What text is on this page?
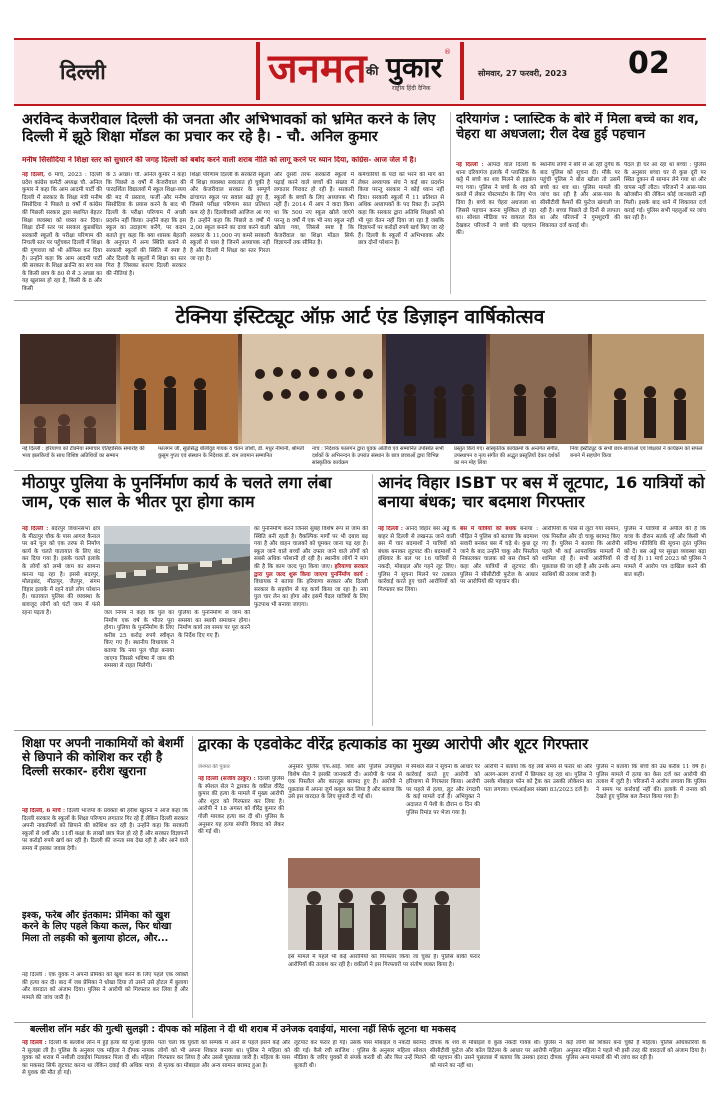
दिल्ली	जनमत की पुकार
राष्ट्रीय हिंदी दैनिक
®
सोमवार, 27 फरवरी, 2023 02
अरविन्द केजरीवाल दिल्ली की जनता और अभिभावकों को भ्रमित करने के लिए दिल्ली में झूठे शिक्षा मॉडल का प्रचार कर रहे है। - चौ. अनिल कुमार
मनीष सिसोदिया ने शिक्षा स्तर को सुधारने की जगह दिल्ली को बर्बाद करने वाली शराब नीति को लागू करने पर ध्यान दिया, कांग्रेस- आज जेल में है।
नई दिल्ली, 6 मार्च, 2023 : दिल्ली प्रदेश कांग्रेस कमेटी अध्यक्ष चौ. अनिल कुमार ने कहा कि आम आदमी पार्टी की दिल्ली में सरकार के शिक्षा मंत्री मनीष सिसोदिया ने पिछले 8 वर्षों में कांग्रेस की पिछली सरकार द्वारा स्थापित बेहतर शिक्षा व्यवस्था को ध्वस्त कर दिया। शिक्षा दोनों स्तर पर सरकार कुप्रबंधित सरकारी स्कूलों के परीक्षा परिणाम की निचली स्तर पर पहुँचकर दिल्ली में शिक्षा की गुणवत्ता को भी ऑफिस कर दिया है। उन्होंने कहा कि आम आदमी पार्टी की सरकार के शिक्षा क्रान्ति का सच सब के किसी छात्र के 80 से से 3 अच्छा का यह खुलासा हो रहा है, किसी के 8 और किसी
के 3 अच्छा। चौ. अनिल कुमार ने कहा कि पिछले 8 वर्षों में केजरीवाल की पारदर्शिता विद्यालयों में स्कूल शिक्षा-व्यय की मद में प्रस्ताव, फर्जी और मनीष सिसोदिया के प्रयास करने के बाद भी दिल्ली के परीक्षा परिणाम में अच्छी प्रदर्शन नहीं किया। उन्होंने कहा कि इस स्कूल का उदाहरण करेंगे, पर कदम बताते हुए कहा कि क्या शासक बेहतरी के अनुपात में अन्य स्थिति बताने से सरकारी स्कूलों की स्थिति में स्पष्ट है और दिल्ली के स्कूलों में शिक्षा का स्तर गिरा है जिसका कारण दिल्ली सरकार की नीतियां है।
शिक्षा परिणाम दिल्ली के सरकारी स्कूलों में शिक्षा व्यवस्था सवालात हो चुकी है और केजरीवाल सरकार के सम्पूर्ण ढांचागत स्कूल पर सवाल खड़े हुए हैं, जिससे परीक्षा परिणाम सात प्रतिशत कम रहे है। दिल्लीवासी आजिज आ गए हैं। उन्होंने कहा कि पिछले 8 वर्षों में 2,00 स्कूल बनाने का दावा करने वाली सरकार के 11,000 नए कमरे सरकारी स्कूलों से पास है जिनमें अध्यापक नहीं है और दिल्ली में शिक्षा का स्तर गिरता जा रहा है।
और दूसरी तरफ सरकारी स्कूलों में पढ़ाई करने वाले बच्चों की संख्या में लगातार गिरावट हो रही है। सरकारी स्कूलों के बच्चों के लिए अध्यापक भी नहीं हैं। 2014 में आप ने वादा किया था कि 500 नए स्कूल खोले जाएंगे परन्तु 8 वर्षों में एक भी नया स्कूल नहीं खोला गया, जिससे स्पष्ट है कि केजरीवाल का शिक्षा मॉडल सिर्फ विज्ञापनों तक सीमित है।
कर्मचारियों के पदों को भरने की मांग को लेकर अध्यापक संघ ने कई बार प्रदर्शन किया परन्तु सरकार ने कोई ध्यान नहीं दिया। सरकारी स्कूलों में 11 प्रतिशत से अधिक अध्यापकों के पद रिक्त हैं। उन्होंने कहा कि सरकार द्वारा अतिथि शिक्षकों को भी पूरा वेतन नहीं दिया जा रहा है जबकि विज्ञापनों पर करोड़ों रुपये खर्च किए जा रहे हैं। दिल्ली के स्कूलों में अभिभावक और छात्र दोनों परेशान हैं।
दरियागंज : प्लास्टिक के बोरे में मिला बच्चे का शव, चेहरा था अधजला; रील देख हुई पहचान
नई दिल्ली : आपदा वाल दिल्ली के थाना दरियागंज इलाके में प्लास्टिक के कट्टे में बच्चे का शव मिलने से हड़कंप मच गया। पुलिस ने बच्चे के शव को कब्जे में लेकर पोस्टमार्टम के लिए भेज दिया है। बच्चे का चेहरा अधजला था जिससे पहचान करना मुश्किल हो रहा था। सोशल मीडिया पर वायरल रील देखकर परिजनों ने बच्चे की पहचान की।
स्थानीय लोगों ने बोरे से आ रही दुर्गंध के बाद पुलिस को सूचना दी। मौके पर पहुंची पुलिस ने बोरा खोला तो उसमें बच्चे का शव था। पुलिस मामले की जांच कर रही है और आस-पास के सीसीटीवी कैमरों की फुटेज खंगाली जा रही है। बच्चा पिछले दो दिनों से लापता था और परिजनों ने गुमशुदगी की शिकायत दर्ज कराई थी।
पैदल ही घर आ रहा था बच्चा : पुलिस के अनुसार बच्चा घर से कुछ दूरी पर स्थित दुकान से सामान लेने गया था और वापस नहीं लौटा। परिजनों ने आस-पास खोजबीन की लेकिन कोई जानकारी नहीं मिली। इसके बाद थाने में शिकायत दर्ज कराई गई। पुलिस सभी पहलुओं पर जांच कर रही है।
टेक्निया इंस्टिट्यूट ऑफ़ आर्ट एंड डिज़ाइन वार्षिकोत्सव
नई दिल्ली : हरियाणा को टेक्निया समाचार ऐतिहासिक समारोह की भव्य झलकियाँ के साथ विशिष्ट अतिथियों का सम्मान
फालगन जी, सुप्रसिद्ध बॉलीवुड गायक व चेतन जोशी, डॉ. मधुर नीमानी, श्रीमती कुसुम गुप्ता एवं संस्थान के निदेशक डॉ. राम लवमान सम्मानित
नाच : निर्देशक फालगन द्वारा युवक अतिथि एवं सम्मानित उपस्थित सभी दर्शकों के अभिनन्दन के उपरांत संस्थान के छात्र छात्राओं द्वारा विभिन्न सांस्कृतिक कार्यक्रम
प्रस्तुत किये गए। सांस्कृतिक कार्यक्रमों के अन्तर्गत संगीत, उपस्थापन व नृत्य संगीत की अद्भुत प्रस्तुतियों देकर दर्शकों का मन मोह लिया
निया इंस्टीट्यूट के सभी छात्र-छात्राओं एवं शिक्षकों ने कार्यक्रम को सफल बनाने में सहयोग किया
मीठापुर पुलिया के पुनर्निर्माण कार्य के चलते लगा लंबा जाम, एक साल के भीतर पूरा होगा काम
नई दिल्ली : बदरपुर विधानसभा क्षेत्र के मीठापुर चौक के पास आगरा कैनाल पर बने पुल को एक तरफ से निर्माण कार्य के चलते यातायात के लिए बंद कर दिया गया है। इसके चलते इलाके के लोगों को लम्बे जाम का सामना करना पड़ रहा है। इससे बदरपुर, मोलड़बंद, मीठापुर, जैतपुर, संगम विहार इलाके में रहने वाले लोग परेशान हैं। यातायात पुलिस की व्यवस्था के बावजूद लोगों को घंटों जाम में फंसे रहना पड़ता है।	जल निगम ने कहा कि पुल का निर्माण एक वर्ष के भीतर पूरा होगा। पुलिया के पुनर्निर्माण के लिए करीब 25 करोड़ रुपये स्वीकृत किए गए हैं। स्थानीय विधायक ने बताया कि नया पुल चौड़ा बनाया जाएगा जिससे भविष्य में जाम की समस्या से राहत मिलेगी।
पुलिया के पुनर्निर्माण से जाम की समस्या का स्थायी समाधान होगा। निर्माण कार्य तय समय पर पूरा करने के निर्देश दिए गए हैं।
का पुनर्निर्माण करने जिनसे सुबह विशेष रूप से जाम की स्थिति बनी रहती है। वैकल्पिक मार्गों पर भी दबाव बढ़ गया है और वाहन चालकों को घूमकर जाना पड़ रहा है। स्कूल जाने वाले बच्चों और दफ्तर जाने वाले लोगों को सबसे अधिक परेशानी हो रही है। स्थानीय लोगों ने मांग की है कि काम जल्द पूरा किया जाए। हरियाणा सरकार द्वारा पुल जल्द शुरू किया जाएगा पुनर्निर्माण कार्य : विधायक ने बताया कि हरियाणा सरकार और दिल्ली सरकार के सहयोग से यह कार्य किया जा रहा है। नया पुल चार लेन का होगा और इसमें पैदल यात्रियों के लिए फुटपाथ भी बनाया जाएगा।
आनंद विहार ISBT पर बस में लूटपाट, 16 यात्रियों को बनाया बंधक; चार बदमाश गिरफ्तार
नई दिल्ली : आनंद विहार बस अड्डे के बाहर से दिल्ली से लखनऊ जाने वाली बस में चार बदमाशों ने यात्रियों को बंधक बनाकर लूटपाट की। बदमाशों ने हथियार के बल पर 16 यात्रियों से नकदी, मोबाइल और गहने लूट लिए। पुलिस ने सूचना मिलने पर तत्काल कार्रवाई करते हुए चारों आरोपियों को गिरफ्तार कर लिया।
बस में यात्रियों को बंधक बनाया : पीड़ित ने पुलिस को बताया कि बदमाश सवारी बनकर बस में चढ़े थे। कुछ दूर जाने के बाद उन्होंने चाकू और पिस्तौल निकालकर चालक को बस रोकने को कहा और यात्रियों से लूटपाट की। पुलिस ने सीसीटीवी फुटेज के आधार पर आरोपियों की पहचान की।
आरोपियों के पास से लूटा गया सामान, एक पिस्तौल और दो चाकू बरामद किए गए हैं। पुलिस ने बताया कि आरोपी पहले भी कई आपराधिक मामलों में शामिल रहे हैं। सभी आरोपियों से पूछताछ की जा रही है और उनके अन्य साथियों की तलाश जारी है।
पुलिस ने यात्रियों से अपील की है कि यात्रा के दौरान सतर्क रहें और किसी भी संदिग्ध गतिविधि की सूचना तुरंत पुलिस को दें। बस अड्डे पर सुरक्षा व्यवस्था बढ़ा दी गई है। 11 मार्च 2023 को पुलिस ने मामले में आरोप पत्र दाखिल करने की बात कही।
शिक्षा पर अपनी नाकामियों को बेशर्मी से छिपाने की कोशिश कर रही है दिल्ली सरकार- हरीश खुराना
नई दिल्ली, 6 मार्च : दिल्ली भाजपा के प्रवक्ता श्री हरीश खुराना ने आज कहा कि दिल्ली सरकार के स्कूलों के शिक्षा परिणाम लगातार गिर रहे हैं लेकिन दिल्ली सरकार अपनी नाकामियों को छिपाने की कोशिश कर रही है। उन्होंने कहा कि सरकारी स्कूलों से 9वीं और 11वीं कक्षा के लाखों छात्र फेल हो रहे हैं और सरकार विज्ञापनों पर करोड़ों रुपये खर्च कर रही है। दिल्ली की जनता सब देख रही है और आने वाले समय में इसका जवाब देगी।
इश्क, फरेब और इंतकाम: प्रेमिका को खुश करने के लिए पहले किया कत्ल, फिर धोखा मिला तो लड़की को बुलाया होटल, और...
नई दिल्ली : एक युवक ने अपनी प्रेमिका को खुश करने के लिए पहले एक व्यक्ति की हत्या कर दी। बाद में जब प्रेमिका ने धोखा दिया तो उसने उसे होटल में बुलाया और वारदात को अंजाम दिया। पुलिस ने आरोपी को गिरफ्तार कर लिया है और मामले की जांच जारी है।
द्वारका के एडवोकेट वीरेंद्र हत्याकांड का मुख्य आरोपी और शूटर गिरफ्तार
जनमत की पुकार
नई दिल्ली (संजीव ठाकुर) : दिल्ली पुलिस के स्पेशल सेल ने द्वारका के वकील वीरेंद्र कुमार की हत्या के मामले में मुख्य आरोपी और शूटर को गिरफ्तार कर लिया है। आरोपी ने 18 अगस्त को वीरेंद्र कुमार की गोली मारकर हत्या कर दी थी। पुलिस के अनुसार यह हत्या संपत्ति विवाद को लेकर की गई थी।
अनुसार पुलिस एफ.आई. शिव और पुलिस उपायुक्त विशेष सेल ने इसकी जानकारी दी। आरोपी के पास से एक पिस्तौल और कारतूस बरामद हुए हैं। आरोपी ने पूछताछ में अपना जुर्म कबूल कर लिया है और बताया कि उसे इस वारदात के लिए सुपारी दी गई थी।
इस मामले में पहले भी कई आरोपियों को गिरफ्तार किया जा चुका है। पुलिस बाकी फरार आरोपियों की तलाश कर रही है। वकीलों ने इस गिरफ्तारी पर संतोष व्यक्त किया है।
में स्पेशल सेल ने सूचना के आधार पर कार्रवाई करते हुए आरोपी को हरियाणा से गिरफ्तार किया। आरोपी पर पहले से हत्या, लूट और रंगदारी के कई मामले दर्ज हैं। अभियुक्त ने अदालत में पेशी के दौरान 6 दिन की पुलिस रिमांड पर भेजा गया है।
आरोपी ने बताया कि वह लंबे समय से फरार था और अलग-अलग राज्यों में छिपकर रह रहा था। पुलिस ने उसके मोबाइल फोन को ट्रैक कर उसकी लोकेशन का पता लगाया। एफआईआर संख्या 83/2023 दर्ज है।
पुलिस ने बताया कि बच्चे की उम्र करीब 11 वर्ष है। पुलिस मामले में हत्या का केस दर्ज कर आरोपी की तलाश में जुटी है। परिजनों ने आरोप लगाया कि पुलिस ने समय पर कार्रवाई नहीं की। इलाके में तनाव को देखते हुए पुलिस बल तैनात किया गया है।
बल्लीश लॉन मर्डर की गुत्थी सुलझी : दीपक को महिला ने दी थी शराब में उनेजक दवाईयां, मारना नहीं सिर्फ लूटना था मकसद
नई दिल्ली : दिल्ली के बल्लीश लॉन में हुई हत्या की गुत्थी पुलिस ने सुलझा ली है। पुलिस के अनुसार एक महिला ने दीपक नामक युवक को शराब में नशीली दवाईयां मिलाकर पिला दी थी। महिला का मकसद सिर्फ लूटपाट करना था लेकिन दवाई की अधिक मात्रा से युवक की मौत हो गई।
पता चला कि युवती को सम्पर्क में आने से पहले इसने कई और लोगों को भी अपना शिकार बनाया था। पुलिस ने महिला को गिरफ्तार कर लिया है और उससे पूछताछ जारी है। महिला के पास से मृतक का मोबाइल और अन्य सामान बरामद हुआ है।
लूटपाट कर फरार हो गई। उसके पास मोबाइल व नकदी बरामद की गई। कैसे रची साजिश : पुलिस के अनुसार महिला सोशल मीडिया के जरिए युवकों से संपर्क करती थी और फिर उन्हें मिलने बुलाती थी।
दीपक के शव से मोबाइल व कुछ नकदी गायब थी। पुलिस ने सीसीटीवी फुटेज और कॉल डिटेल्स के आधार पर आरोपी महिला की पहचान की। उसने पूछताछ में बताया कि उसका इरादा दीपक को मारने का नहीं था।
कई लोगों को शिकार बना चुकी है महिला। पुलिस अधिकारियों के अनुसार महिला ने पहले भी इसी तरह की वारदातों को अंजाम दिया है। पुलिस अन्य मामलों की भी जांच कर रही है।
